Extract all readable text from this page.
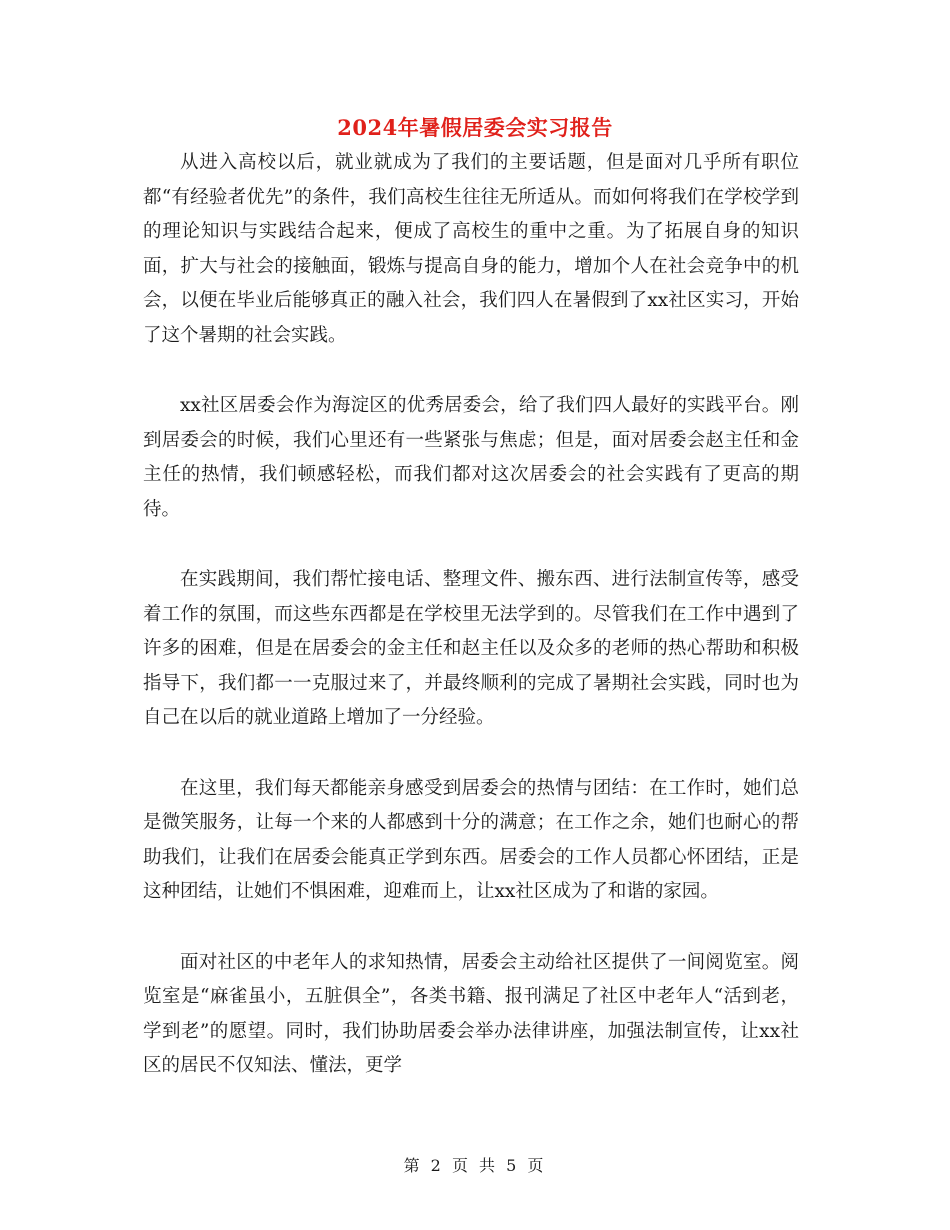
2024年暑假居委会实习报告

从进入高校以后，就业就成为了我们的主要话题，但是面对几乎所有职位都“有经验者优先”的条件，我们高校生往往无所适从。而如何将我们在学校学到的理论知识与实践结合起来，便成了高校生的重中之重。为了拓展自身的知识面，扩大与社会的接触面，锻炼与提高自身的能力，增加个人在社会竞争中的机会，以便在毕业后能够真正的融入社会，我们四人在暑假到了xx社区实习，开始了这个暑期的社会实践。

xx社区居委会作为海淀区的优秀居委会，给了我们四人最好的实践平台。刚到居委会的时候，我们心里还有一些紧张与焦虑；但是，面对居委会赵主任和金主任的热情，我们顿感轻松，而我们都对这次居委会的社会实践有了更高的期待。

在实践期间，我们帮忙接电话、整理文件、搬东西、进行法制宣传等，感受着工作的氛围，而这些东西都是在学校里无法学到的。尽管我们在工作中遇到了许多的困难，但是在居委会的金主任和赵主任以及众多的老师的热心帮助和积极指导下，我们都一一克服过来了，并最终顺利的完成了暑期社会实践，同时也为自己在以后的就业道路上增加了一分经验。

在这里，我们每天都能亲身感受到居委会的热情与团结：在工作时，她们总是微笑服务，让每一个来的人都感到十分的满意；在工作之余，她们也耐心的帮助我们，让我们在居委会能真正学到东西。居委会的工作人员都心怀团结，正是这种团结，让她们不惧困难，迎难而上，让xx社区成为了和谐的家园。

面对社区的中老年人的求知热情，居委会主动给社区提供了一间阅览室。阅览室是“麻雀虽小，五脏俱全”，各类书籍、报刊满足了社区中老年人“活到老，学到老”的愿望。同时，我们协助居委会举办法律讲座，加强法制宣传，让xx社区的居民不仅知法、懂法，更学

第 2 页 共 5 页
